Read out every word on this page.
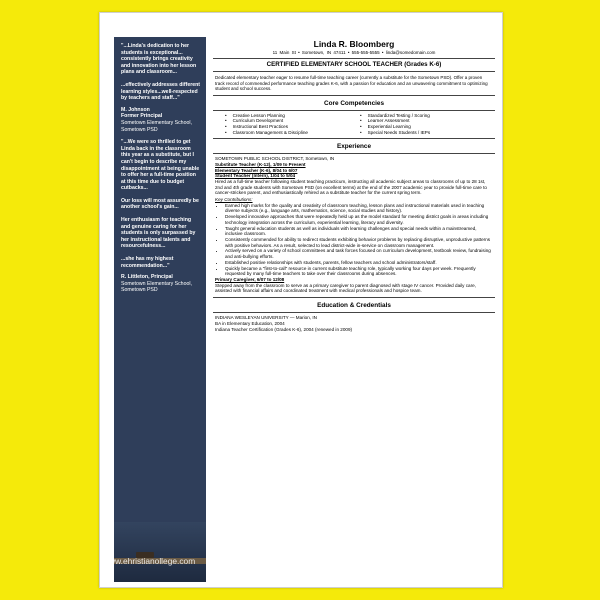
"...Linda's dedication to her students is exceptional... consistently brings creativity and innovation into her lesson plans and classroom...
...effectively addresses different learning styles...well-respected by teachers and staff..."
M. Johnson
Former Principal
Sometown Elementary School, Sometown PSD
"...We were so thrilled to get Linda back in the classroom this year as a substitute, but I can't begin to describe my disappointment at being unable to offer her a full-time position at this time due to budget cutbacks...
Our loss will most assuredly be another school's gain...
Her enthusiasm for teaching and genuine caring for her students is only surpassed by her instructional talents and resourcefulness...
...she has my highest recommendation..."
R. Littleton, Principal
Sometown Elementary School, Sometown PSD
Linda R. Bloomberg
11 Main St • Sometown, IN 47411 • 555-555-5555 • linda@somedomain.com
CERTIFIED ELEMENTARY SCHOOL TEACHER (Grades K-6)
Dedicated elementary teacher eager to resume full-time teaching career (currently a substitute for the Sometown PSD). Offer a proven track record of commended performance teaching grades K-6, with a passion for education and an unwavering commitment to optimizing student and school success.
Core Competencies
• Creative Lesson Planning
• Curriculum Development
• Instructional Best Practices
• Classroom Management & Discipline
• Standardized Testing / Scoring
• Learner Assessment
• Experiential Learning
• Special Needs Students / IEPs
Experience
SOMETOWN PUBLIC SCHOOL DISTRICT, Sometown, IN
Substitute Teacher (K-12), 1/09 to Present
Elementary Teacher (K-6), 8/04 to 6/07
Student Teacher (Intern), 1/04 to 5/04
Hired as a full-time teacher following student teaching practicum, instructing all academic subject areas to classrooms of up to 28 1st, 2nd and 4th grade students with Sometown PSD (on excellent terms) at the end of the 2007 academic year to provide full-time care to cancer-stricken parent, and enthusiastically rehired as a substitute teacher for the current spring term.
Key Contributions:
• Earned high marks for the quality and creativity of classroom teaching, lesson plans and instructional materials used in teaching diverse subjects (e.g., language arts, mathematics, science, social studies and history).
• Developed innovative approaches that were repeatedly held up as the model standard for meeting district goals in areas including technology integration across the curriculum, experiential learning, literacy and diversity.
• Taught general education students as well as individuals with learning challenges and special needs within a mainstreamed, inclusive classroom.
• Consistently commended for ability to redirect students exhibiting behavior problems by replacing disruptive, unproductive patterns with positive behaviors. As a result, selected to lead district-wide in-service on classroom management.
• Actively served on a variety of school committees and task forces focused on curriculum development, textbook review, fundraising and anti-bullying efforts.
• Established positive relationships with students, parents, fellow teachers and school administrators/staff.
• Quickly became a "first-to-call" resource in current substitute teaching role, typically working four days per week. Frequently requested by many full-time teachers to take over their classrooms during absences.
Primary Caregiver, 6/07 to 12/08
Stepped away from the classroom to serve as a primary caregiver to parent diagnosed with stage IV cancer. Provided daily care, assisted with financial affairs and coordinated treatment with medical professionals and hospice team.
Education & Credentials
INDIANA WESLEYAN UNIVERSITY — Marion, IN
BA in Elementary Education, 2004
Indiana Teacher Certification (Grades K-6), 2004 (renewed in 2009)
www.ehristianollege.com
